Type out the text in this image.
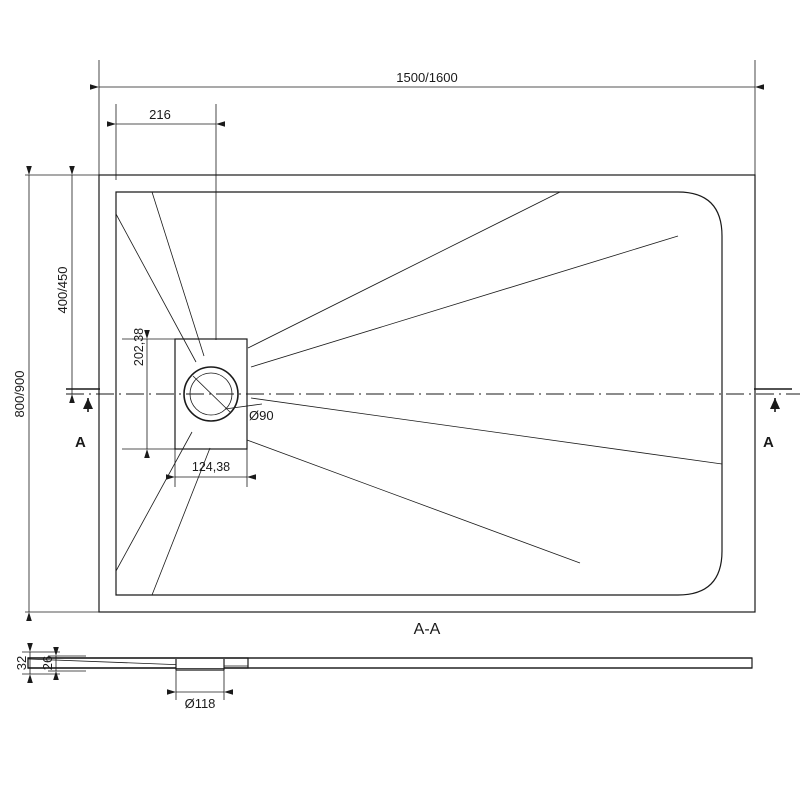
1500/1600
216
Ø90
202,38
124,38
400/450
800/900
A	A
A-A
Ø118
32 26
